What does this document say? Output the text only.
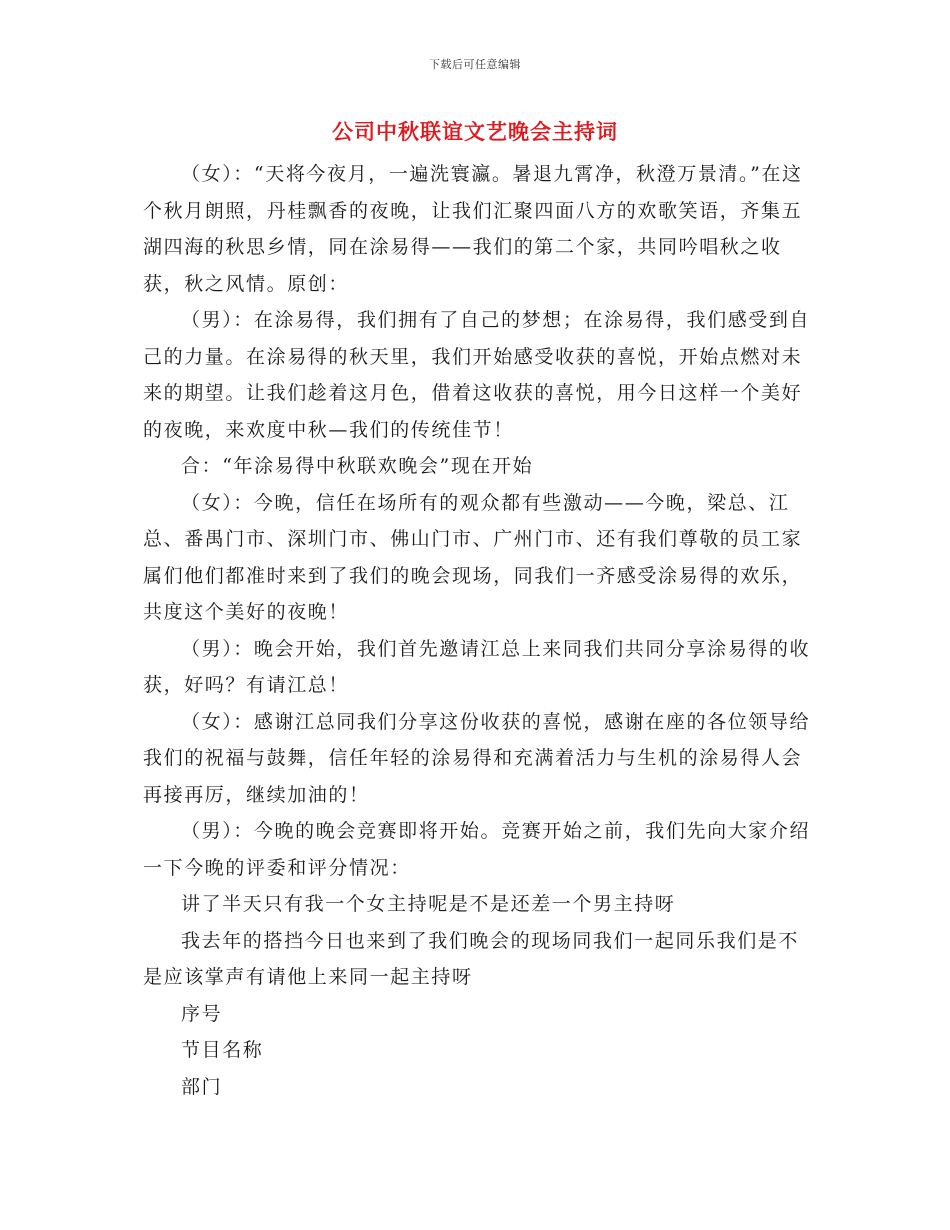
下载后可任意编辑
公司中秋联谊文艺晚会主持词

（女）：“天将今夜月，一遍洗寰瀛。暑退九霄净，秋澄万景清。”在这个秋月朗照，丹桂飘香的夜晚，让我们汇聚四面八方的欢歌笑语，齐集五湖四海的秋思乡情，同在涂易得——我们的第二个家，共同吟唱秋之收获，秋之风情。原创：

（男）：在涂易得，我们拥有了自己的梦想；在涂易得，我们感受到自己的力量。在涂易得的秋天里，我们开始感受收获的喜悦，开始点燃对未来的期望。让我们趁着这月色，借着这收获的喜悦，用今日这样一个美好的夜晚，来欢度中秋—我们的传统佳节！

合：“年涂易得中秋联欢晚会”现在开始

（女）：今晚，信任在场所有的观众都有些激动——今晚，梁总、江总、番禺门市、深圳门市、佛山门市、广州门市、还有我们尊敬的员工家属们他们都准时来到了我们的晚会现场，同我们一齐感受涂易得的欢乐，共度这个美好的夜晚！

（男）：晚会开始，我们首先邀请江总上来同我们共同分享涂易得的收获，好吗？有请江总！

（女）：感谢江总同我们分享这份收获的喜悦，感谢在座的各位领导给我们的祝福与鼓舞，信任年轻的涂易得和充满着活力与生机的涂易得人会再接再厉，继续加油的！

（男）：今晚的晚会竞赛即将开始。竞赛开始之前，我们先向大家介绍一下今晚的评委和评分情况：

讲了半天只有我一个女主持呢是不是还差一个男主持呀

我去年的搭挡今日也来到了我们晚会的现场同我们一起同乐我们是不是应该掌声有请他上来同一起主持呀

序号

节目名称

部门
